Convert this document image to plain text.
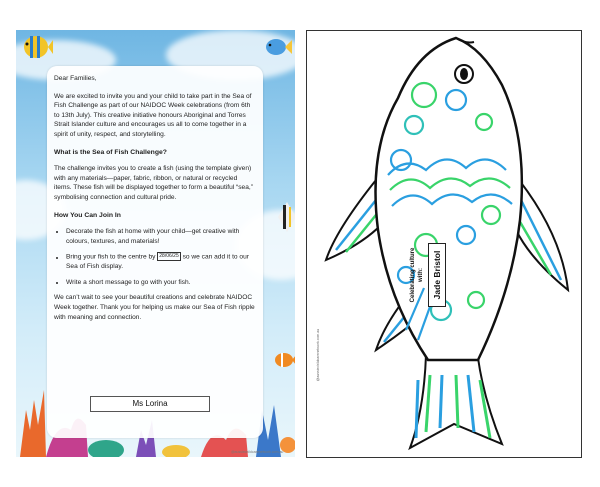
Dear Families,

We are excited to invite you and your child to take part in the Sea of Fish Challenge as part of our NAIDOC Week celebrations (from 6th to 13th July). This creative initiative honours Aboriginal and Torres Strait Islander culture and encourages us all to come together in a spirit of unity, respect, and storytelling.

What is the Sea of Fish Challenge?

The challenge invites you to create a fish (using the template given) with any materials—paper, fabric, ribbon, or natural or recycled items. These fish will be displayed together to form a beautiful “sea,” symbolising connection and cultural pride.

How You Can Join In

• Decorate the fish at home with your child—get creative with colours, textures, and materials!
• Bring your fish to the centre by 28/06/25 so we can add it to our Sea of Fish display.
• Write a short message to go with your fish.

We can’t wait to see your beautiful creations and celebrate NAIDOC Week together. Thank you for helping us make our Sea of Fish ripple with meaning and connection.

Ms Lorina
@aussiechildcarenetwork.com.au
Celebrating culture with: Jade Bristol
@aussiechildcarenetwork.com.au
